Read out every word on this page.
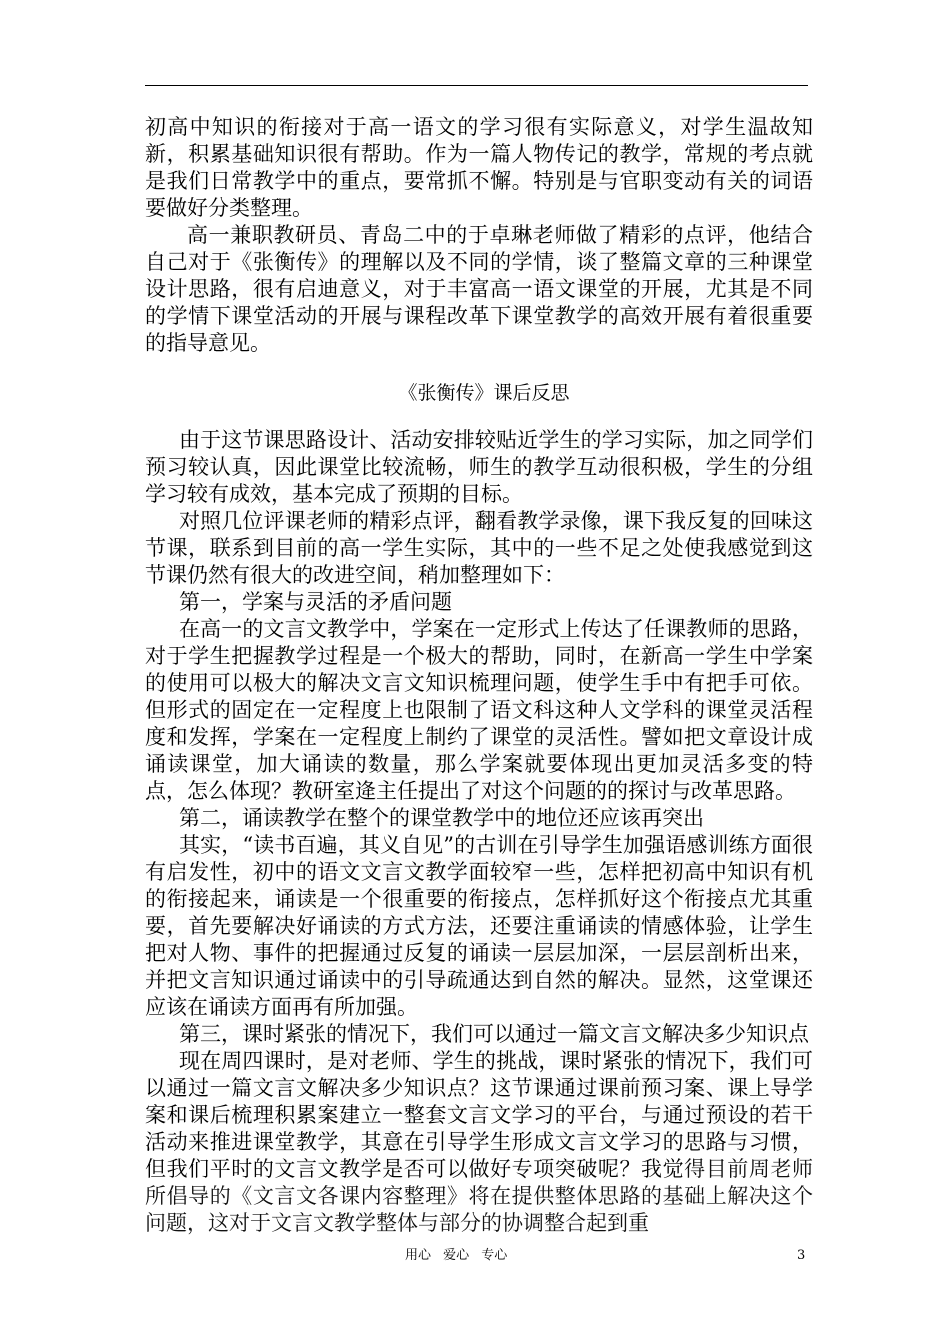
初高中知识的衔接对于高一语文的学习很有实际意义，对学生温故知新，积累基础知识很有帮助。作为一篇人物传记的教学，常规的考点就是我们日常教学中的重点，要常抓不懈。特别是与官职变动有关的词语要做好分类整理。

高一兼职教研员、青岛二中的于卓琳老师做了精彩的点评，他结合自己对于《张衡传》的理解以及不同的学情，谈了整篇文章的三种课堂设计思路，很有启迪意义，对于丰富高一语文课堂的开展，尤其是不同的学情下课堂活动的开展与课程改革下课堂教学的高效开展有着很重要的指导意见。

《张衡传》课后反思

由于这节课思路设计、活动安排较贴近学生的学习实际，加之同学们预习较认真，因此课堂比较流畅，师生的教学互动很积极，学生的分组学习较有成效，基本完成了预期的目标。

对照几位评课老师的精彩点评，翻看教学录像，课下我反复的回味这节课，联系到目前的高一学生实际，其中的一些不足之处使我感觉到这节课仍然有很大的改进空间，稍加整理如下：

第一，学案与灵活的矛盾问题

在高一的文言文教学中，学案在一定形式上传达了任课教师的思路， 对于学生把握教学过程是一个极大的帮助，同时，在新高一学生中学案的使用可以极大的解决文言文知识梳理问题，使学生手中有把手可依。但形式的固定在一定程度上也限制了语文科这种人文学科的课堂灵活程度和发挥，学案在一定程度上制约了课堂的灵活性。譬如把文章设计成诵读课堂，加大诵读的数量，那么学案就要体现出更加灵活多变的特点，怎么体现？教研室逄主任提出了对这个问题的的探讨与改革思路。

第二，诵读教学在整个的课堂教学中的地位还应该再突出

其实，“读书百遍，其义自见”的古训在引导学生加强语感训练方面很有启发性，初中的语文文言文教学面较窄一些，怎样把初高中知识有机的衔接起来，诵读是一个很重要的衔接点，怎样抓好这个衔接点尤其重要，首先要解决好诵读的方式方法，还要注重诵读的情感体验，让学生把对人物、事件的把握通过反复的诵读一层层加深，一层层剖析出来，并把文言知识通过诵读中的引导疏通达到自然的解决。显然，这堂课还应该在诵读方面再有所加强。

第三，课时紧张的情况下，我们可以通过一篇文言文解决多少知识点

现在周四课时，是对老师、学生的挑战，课时紧张的情况下，我们可以通过一篇文言文解决多少知识点？这节课通过课前预习案、课上导学案和课后梳理积累案建立一整套文言文学习的平台，与通过预设的若干活动来推进课堂教学，其意在引导学生形成文言文学习的思路与习惯，但我们平时的文言文教学是否可以做好专项突破呢？我觉得目前周老师所倡导的《文言文各课内容整理》将在提供整体思路的基础上解决这个问题，这对于文言文教学整体与部分的协调整合起到重

用心 爱心 专心	3
